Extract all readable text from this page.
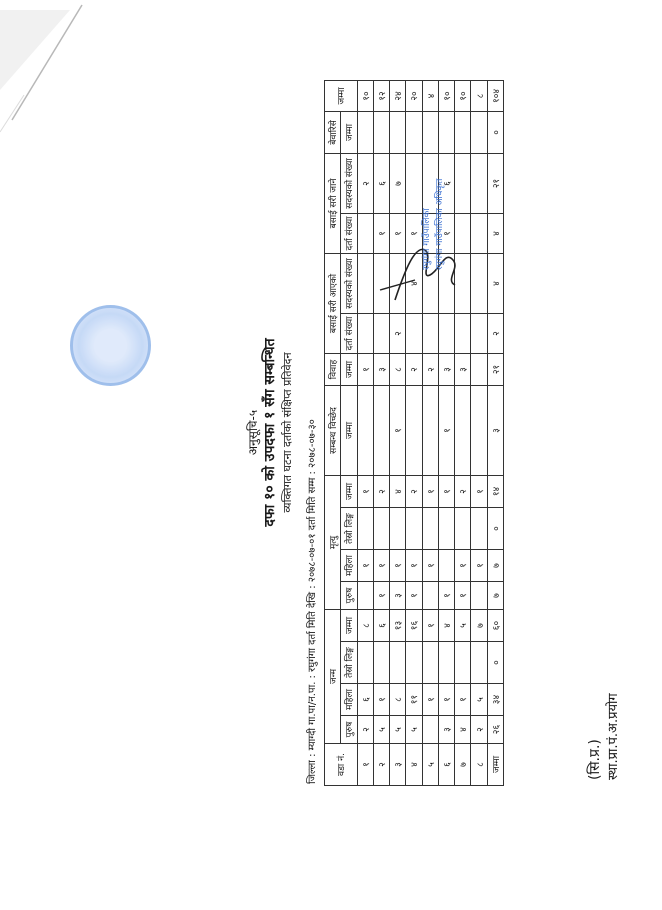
अनुसूचि-५ दफा १० को उपदफा १ सँग सम्बन्धित व्यक्तिगत घटना दर्ताको संक्षिप्त प्रतिवेदन
जिल्ला : म्याग्दी गा.पा/न.पा. : रघुगंगा दर्ता मिति देखि : २०७८-०७-०१ दर्ता मिति सम्म : २०७८-०७-३०
वडा नं.	जन्म				मृत्यु				सम्बन्ध विच्छेद	विवाह	बसाई सरी आएको		बसाई सरी जाने		बेवारिसे	जम्मा
	पुरुष	महिला	तेस्रो लिङ्ग	जम्मा	पुरुष	महिला	तेस्रो लिङ्ग	जम्मा	जम्मा	जम्मा	दर्ता संख्या	सदस्यको संख्या	दर्ता संख्या	सदस्यको संख्या	जम्मा	
१	२	६		८		१		१		१				२		१०
२	५	१		६	१	१		२		३			१	६		१२
३	५	८		१३	३	१		४	१	८	२		१	७		२४
४	५	११		१६	१	१		२		२		४	१			२०
५		१		१		१		१		२						४
६	३	१		४	१			१	१	३			१	६		१०
७	४	१		५	१	१		२		३						१०
८	२	५		७		१		१								८
जम्मा	२६	३४	०	६०	७	७	०	१४	३	२१	२	४	४	२१	०	१०४
(सि.प्र.) स्था.प्रा.पं.अ.प्रयोग
रघुगंगा गाउँपालिका रघुगंगा गाउँपालिका अधिकृत
